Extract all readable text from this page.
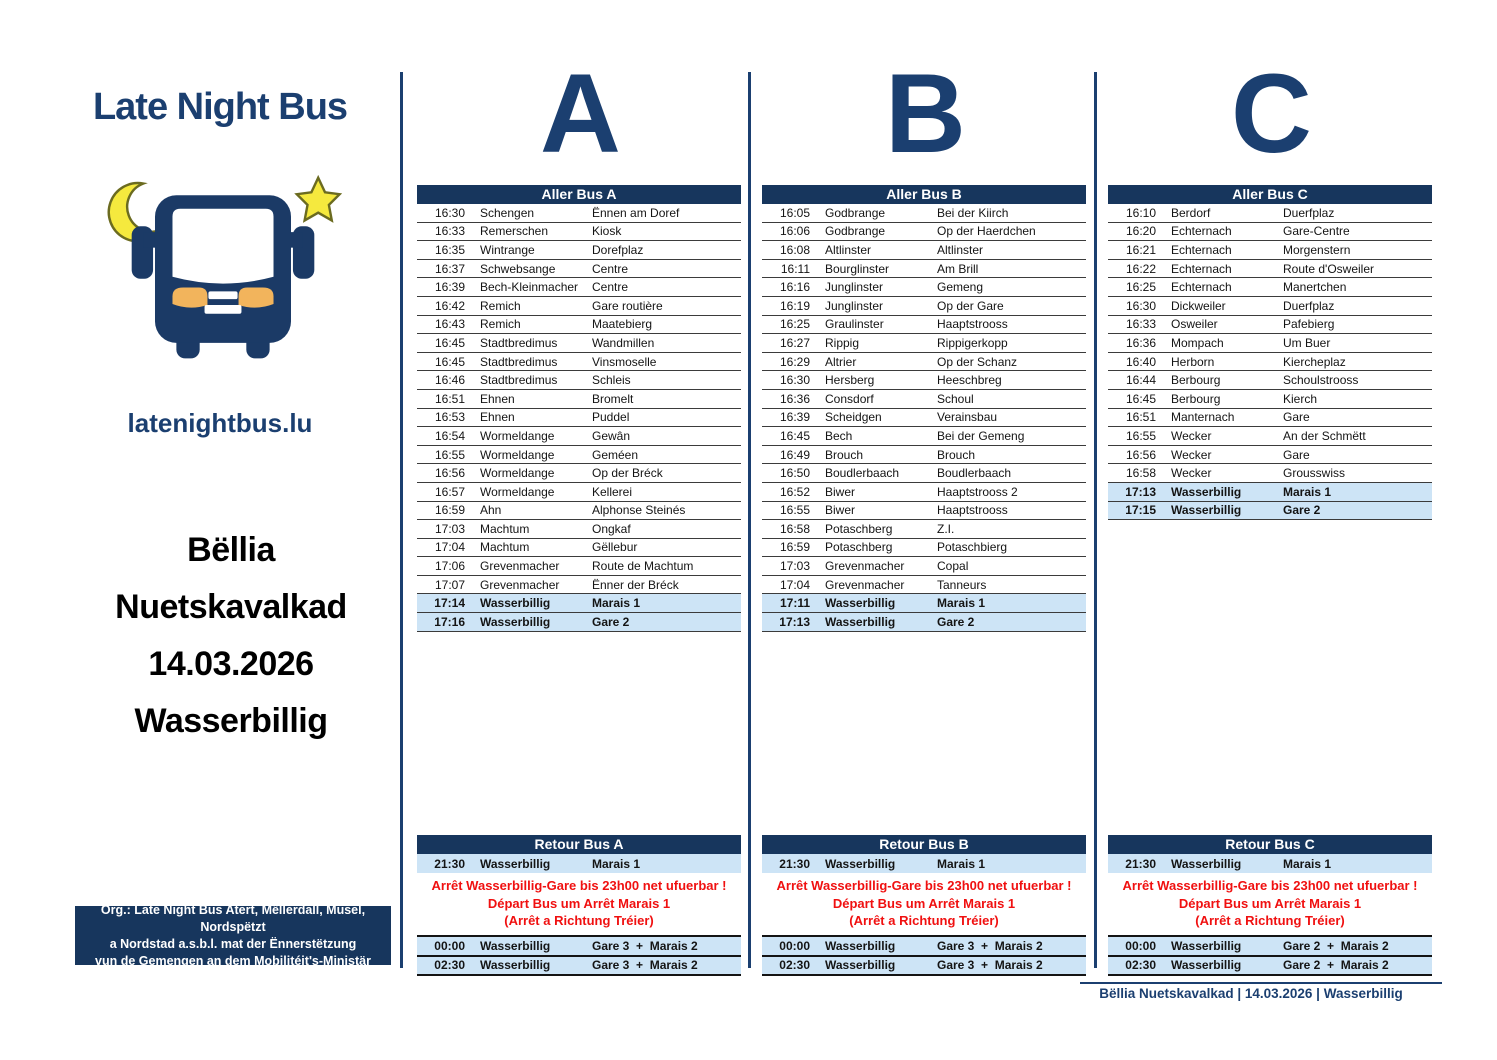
Late Night Bus
latenightbus.lu
Bëllia
Nuetskavalkad
14.03.2026
Wasserbillig
Org.: Late Night Bus Atert, Mëllerdall, Musel, Nordspëtzt
a Nordstad a.s.b.l. mat der Ënnerstëtzung
vun de Gemengen an dem Mobilitéit's-Ministär
A
Aller Bus A
16:30 Schengen	Ënnen am Doref
16:33 Remerschen	Kiosk
16:35 Wintrange	Dorefplaz
16:37 Schwebsange	Centre
16:39 Bech-Kleinmacher	Centre
16:42 Remich	Gare routière
16:43 Remich	Maatebierg
16:45 Stadtbredimus	Wandmillen
16:45 Stadtbredimus	Vinsmoselle
16:46 Stadtbredimus	Schleis
16:51 Ehnen	Bromelt
16:53 Ehnen	Puddel
16:54 Wormeldange	Gewân
16:55 Wormeldange	Geméen
16:56 Wormeldange	Op der Bréck
16:57 Wormeldange	Kellerei
16:59 Ahn	Alphonse Steinés
17:03 Machtum	Ongkaf
17:04 Machtum	Gëllebur
17:06 Grevenmacher	Route de Machtum
17:07 Grevenmacher	Ënner der Bréck
17:14 Wasserbillig	Marais 1
17:16 Wasserbillig	Gare 2
Retour Bus A
21:30 Wasserbillig	Marais 1
Arrêt Wasserbillig-Gare bis 23h00 net ufuerbar !
Départ Bus um Arrêt Marais 1
(Arrêt a Richtung Tréier)
00:00 Wasserbillig	Gare 3  +  Marais 2
02:30 Wasserbillig	Gare 3  +  Marais 2
B
Aller Bus B
16:05 Godbrange	Bei der Kiirch
16:06 Godbrange	Op der Haerdchen
16:08 Altlinster	Altlinster
16:11 Bourglinster	Am Brill
16:16 Junglinster	Gemeng
16:19 Junglinster	Op der Gare
16:25 Graulinster	Haaptstrooss
16:27 Rippig	Rippigerkopp
16:29 Altrier	Op der Schanz
16:30 Hersberg	Heeschbreg
16:36 Consdorf	Schoul
16:39 Scheidgen	Verainsbau
16:45 Bech	Bei der Gemeng
16:49 Brouch	Brouch
16:50 Boudlerbaach	Boudlerbaach
16:52 Biwer	Haaptstrooss 2
16:55 Biwer	Haaptstrooss
16:58 Potaschberg	Z.I.
16:59 Potaschberg	Potaschbierg
17:03 Grevenmacher	Copal
17:04 Grevenmacher	Tanneurs
17:11 Wasserbillig	Marais 1
17:13 Wasserbillig	Gare 2
Retour Bus B
21:30 Wasserbillig	Marais 1
Arrêt Wasserbillig-Gare bis 23h00 net ufuerbar !
Départ Bus um Arrêt Marais 1
(Arrêt a Richtung Tréier)
00:00 Wasserbillig	Gare 3  +  Marais 2
02:30 Wasserbillig	Gare 3  +  Marais 2
C
Aller Bus C
16:10 Berdorf	Duerfplaz
16:20 Echternach	Gare-Centre
16:21 Echternach	Morgenstern
16:22 Echternach	Route d'Osweiler
16:25 Echternach	Manertchen
16:30 Dickweiler	Duerfplaz
16:33 Osweiler	Pafebierg
16:36 Mompach	Um Buer
16:40 Herborn	Kiercheplaz
16:44 Berbourg	Schoulstrooss
16:45 Berbourg	Kierch
16:51 Manternach	Gare
16:55 Wecker	An der Schmëtt
16:56 Wecker	Gare
16:58 Wecker	Grousswiss
17:13 Wasserbillig	Marais 1
17:15 Wasserbillig	Gare 2
Retour Bus C
21:30 Wasserbillig	Marais 1
Arrêt Wasserbillig-Gare bis 23h00 net ufuerbar !
Départ Bus um Arrêt Marais 1
(Arrêt a Richtung Tréier)
00:00 Wasserbillig	Gare 2  +  Marais 2
02:30 Wasserbillig	Gare 2  +  Marais 2
Bëllia Nuetskavalkad | 14.03.2026 | Wasserbillig
